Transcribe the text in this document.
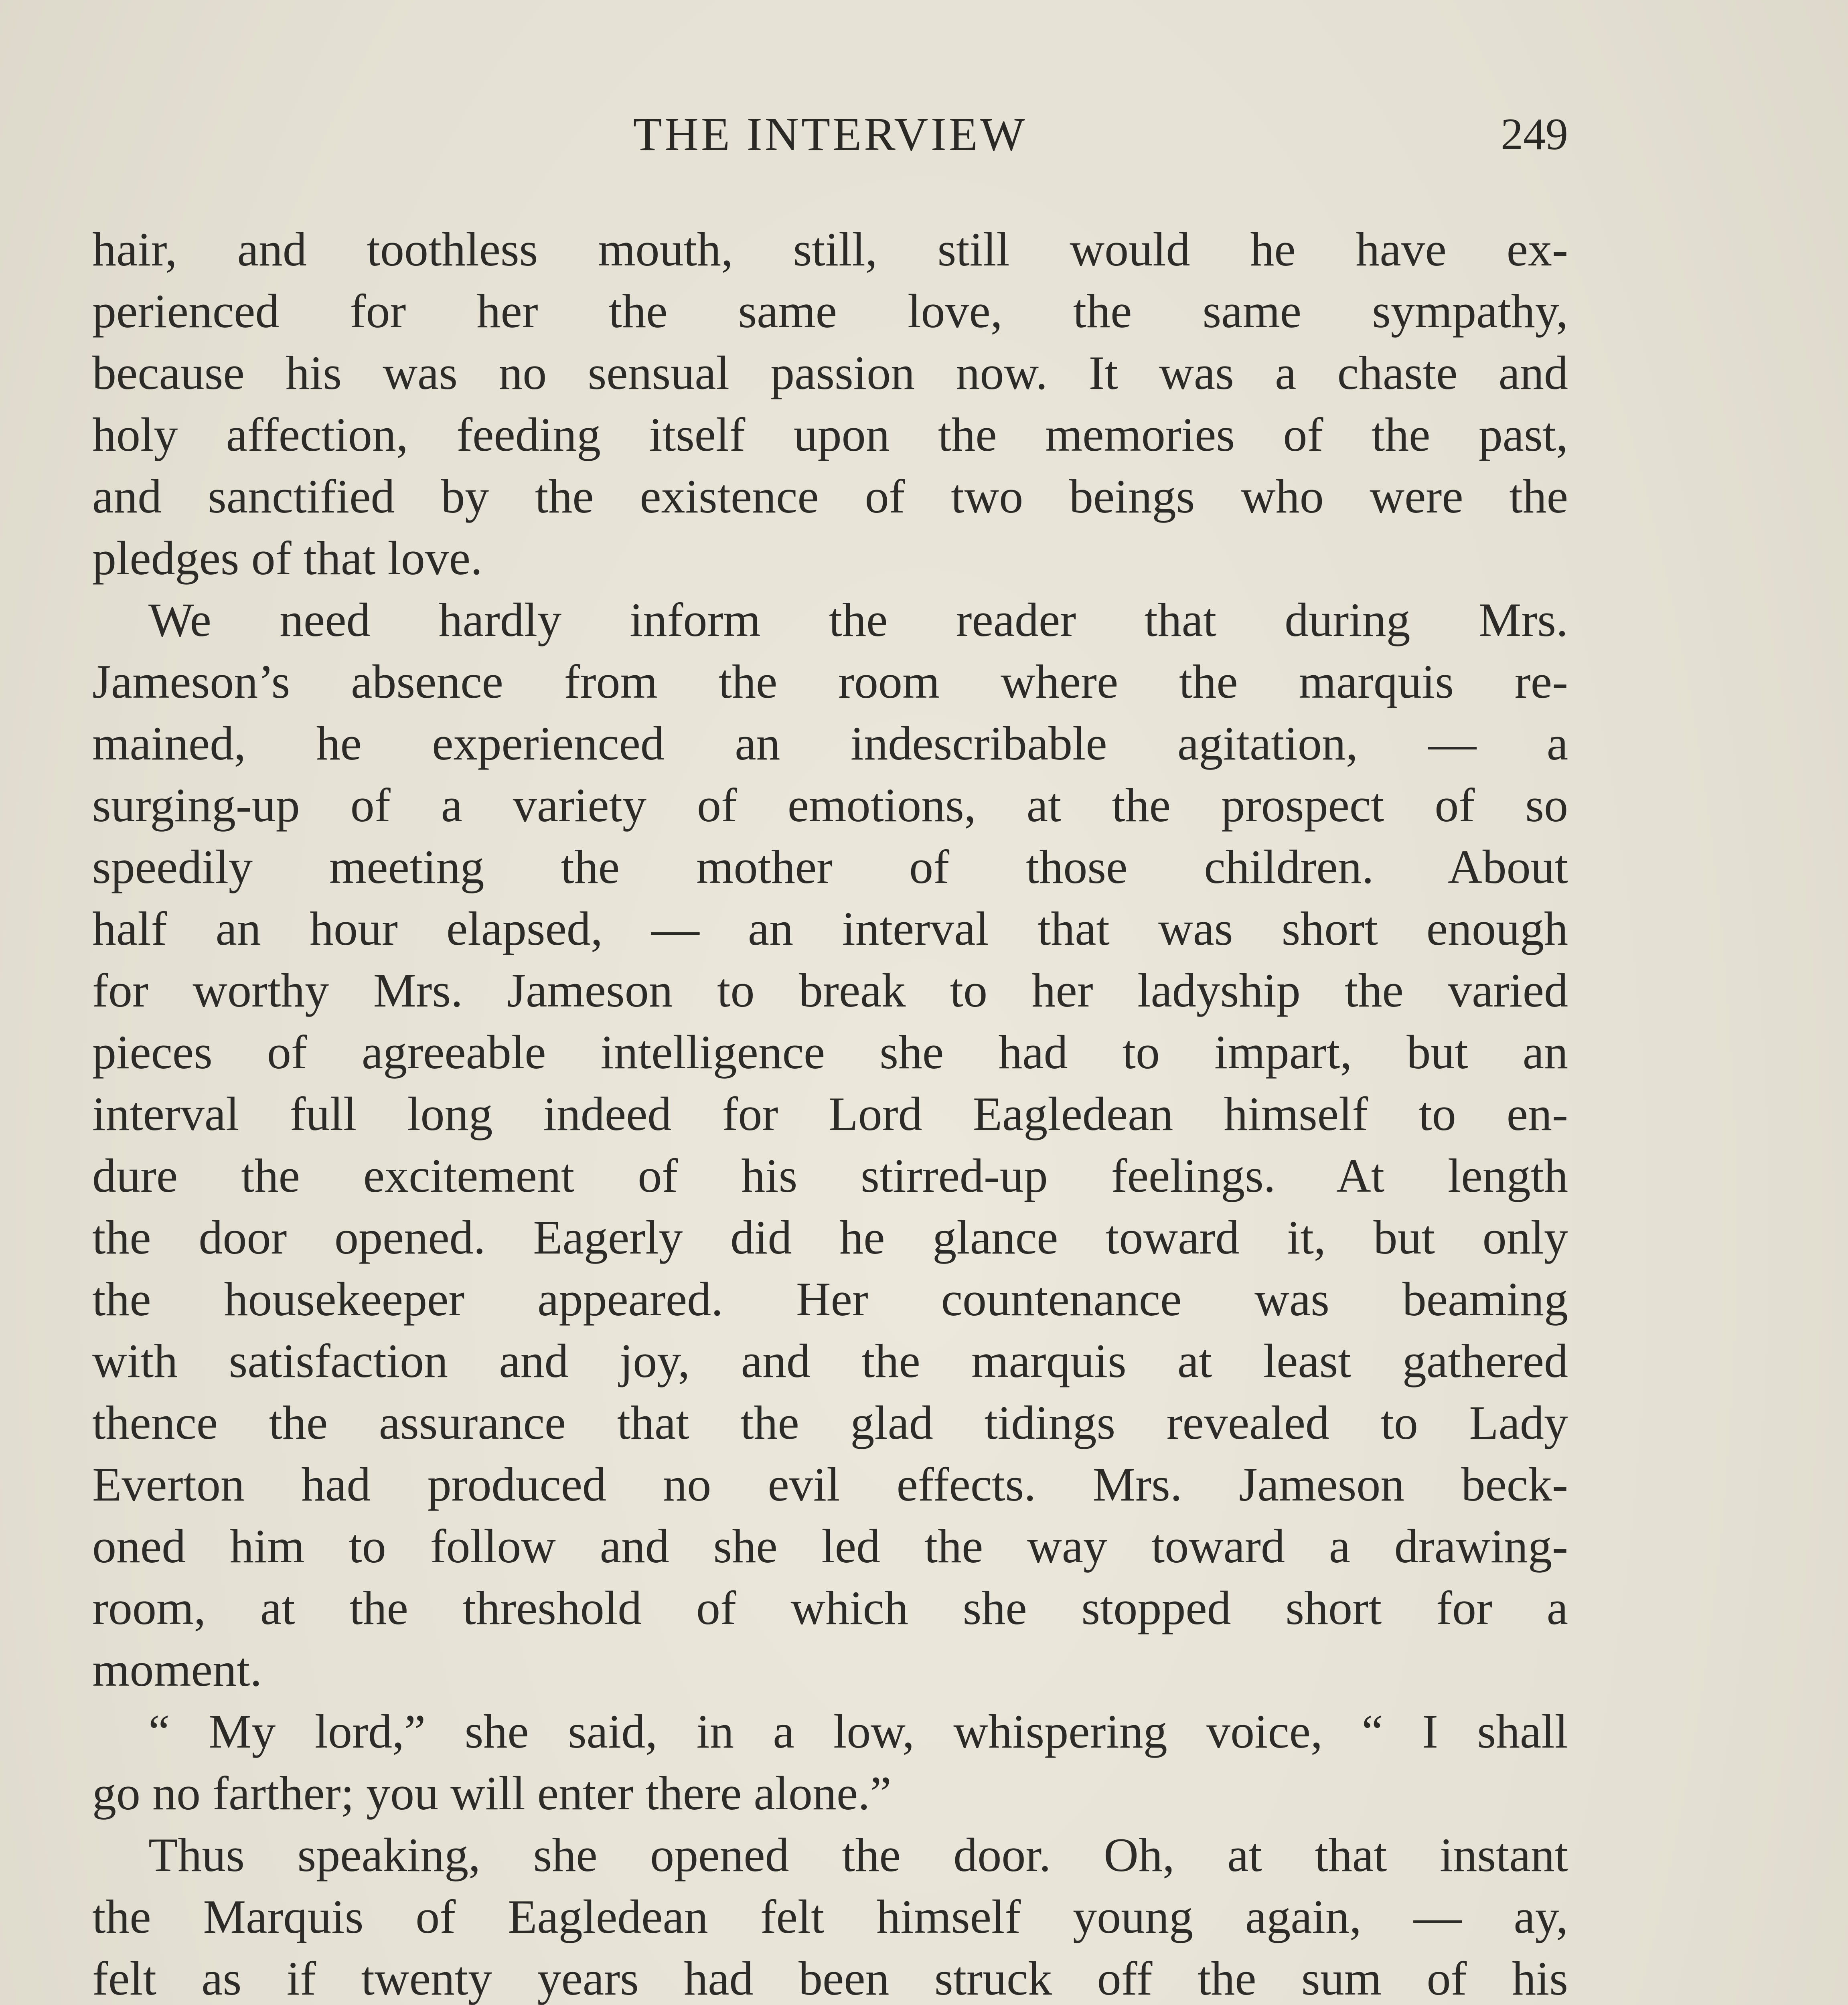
THE INTERVIEW	249
hair, and toothless mouth, still, still would he have ex-
perienced for her the same love, the same sympathy,
because his was no sensual passion now. It was a chaste and
holy affection, feeding itself upon the memories of the past,
and sanctified by the existence of two beings who were the
pledges of that love.
We need hardly inform the reader that during Mrs.
Jameson’s absence from the room where the marquis re-
mained, he experienced an indescribable agitation, — a
surging-up of a variety of emotions, at the prospect of so
speedily meeting the mother of those children. About
half an hour elapsed, — an interval that was short enough
for worthy Mrs. Jameson to break to her ladyship the varied
pieces of agreeable intelligence she had to impart, but an
interval full long indeed for Lord Eagledean himself to en-
dure the excitement of his stirred-up feelings. At length
the door opened. Eagerly did he glance toward it, but only
the housekeeper appeared. Her countenance was beaming
with satisfaction and joy, and the marquis at least gathered
thence the assurance that the glad tidings revealed to Lady
Everton had produced no evil effects. Mrs. Jameson beck-
oned him to follow and she led the way toward a drawing-
room, at the threshold of which she stopped short for a
moment.
“ My lord,” she said, in a low, whispering voice, “ I shall
go no farther; you will enter there alone.”
Thus speaking, she opened the door. Oh, at that instant
the Marquis of Eagledean felt himself young again, — ay,
felt as if twenty years had been struck off the sum of his
